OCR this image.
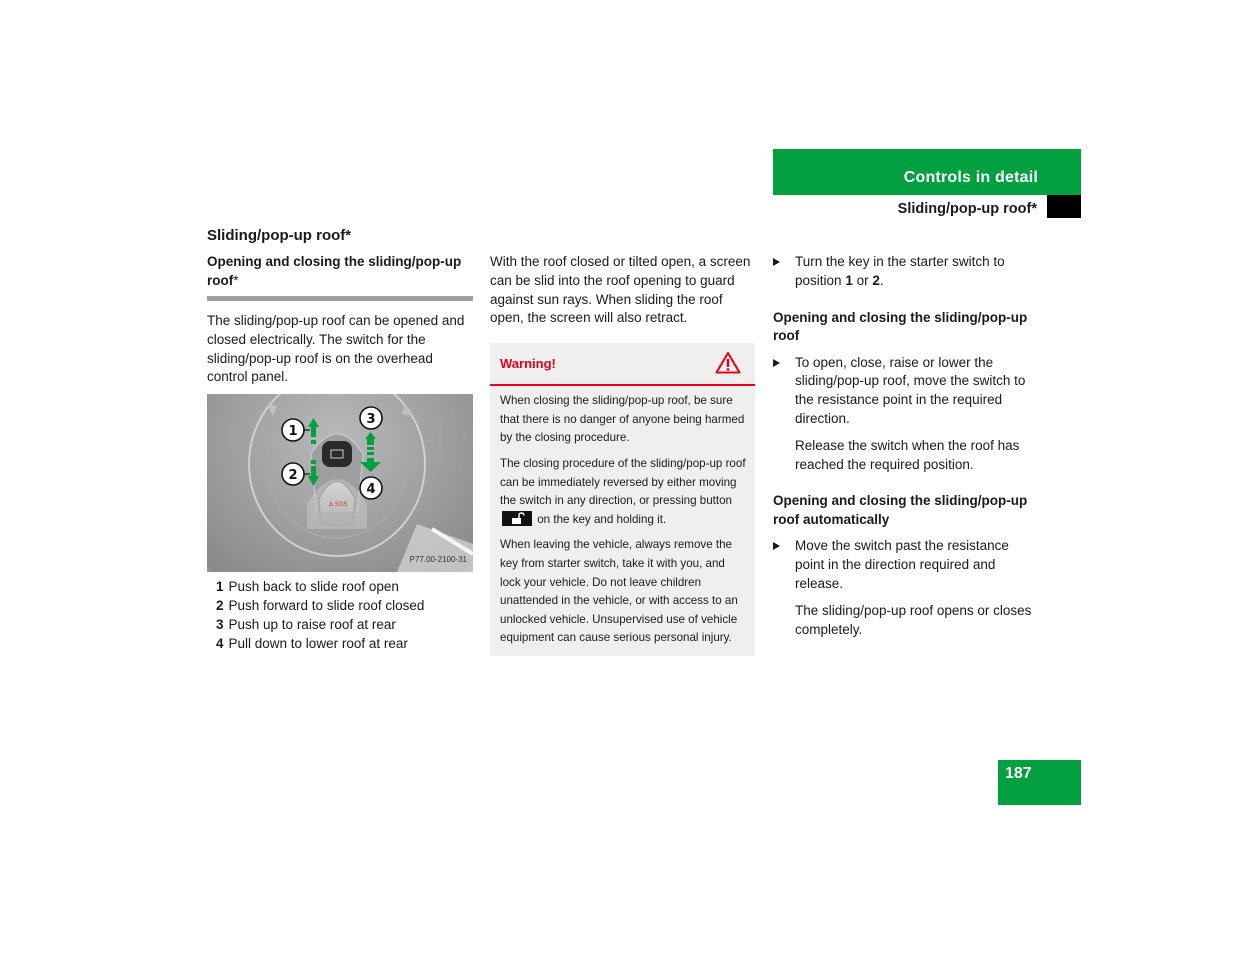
Controls in detail
Sliding/pop-up roof*
Sliding/pop-up roof*
Opening and closing the sliding/pop-up roof*

The sliding/pop-up roof can be opened and closed electrically. The switch for the sliding/pop-up roof is on the overhead control panel.

∆ SOS
1
2
3
4
P77.00-2100-31
1 Push back to slide roof open
2 Push forward to slide roof closed
3 Push up to raise roof at rear
4 Pull down to lower roof at rear

With the roof closed or tilted open, a screen can be slid into the roof opening to guard against sun rays. When sliding the roof open, the screen will also retract.

Warning!

When closing the sliding/pop-up roof, be sure that there is no danger of anyone being harmed by the closing procedure.

The closing procedure of the sliding/pop-up roof can be immediately reversed by either moving the switch in any direction, or pressing button  on the key and holding it.

When leaving the vehicle, always remove the key from starter switch, take it with you, and lock your vehicle. Do not leave children unattended in the vehicle, or with access to an unlocked vehicle. Unsupervised use of vehicle equipment can cause serious personal injury.

Turn the key in the starter switch to position 1 or 2.
Opening and closing the sliding/pop-up roof
To open, close, raise or lower the sliding/pop-up roof, move the switch to the resistance point in the required direction.

Release the switch when the roof has reached the required position.

Opening and closing the sliding/pop-up roof automatically
Move the switch past the resistance point in the direction required and release.

The sliding/pop-up roof opens or closes completely.

187
